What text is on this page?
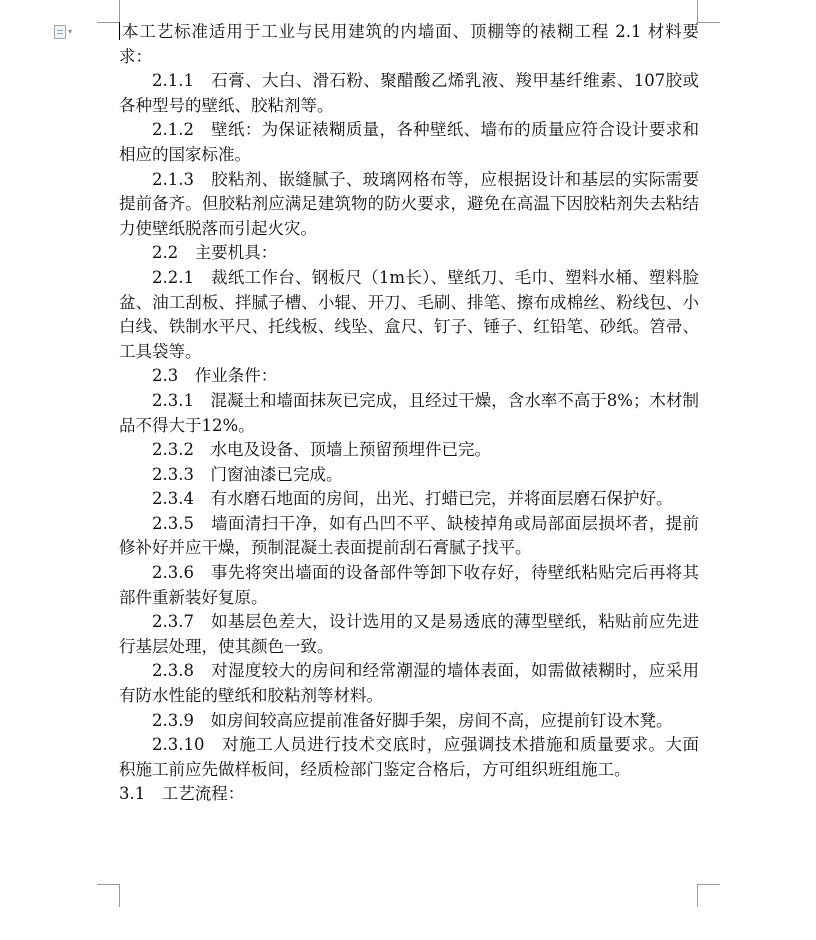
▾	本工艺标准适用于工业与民用建筑的内墙面、顶棚等的裱糊工程 2.1 材料要求：

2.1.1　石膏、大白、滑石粉、聚醋酸乙烯乳液、羧甲基纤维素、107胶或各种型号的壁纸、胶粘剂等。

2.1.2　壁纸：为保证裱糊质量，各种壁纸、墙布的质量应符合设计要求和相应的国家标准。

2.1.3　胶粘剂、嵌缝腻子、玻璃网格布等，应根据设计和基层的实际需要提前备齐。但胶粘剂应满足建筑物的防火要求，避免在高温下因胶粘剂失去粘结力使壁纸脱落而引起火灾。

2.2　主要机具：

2.2.1　裁纸工作台、钢板尺（1m长）、壁纸刀、毛巾、塑料水桶、塑料脸盆、油工刮板、拌腻子槽、小辊、开刀、毛刷、排笔、擦布成棉丝、粉线包、小白线、铁制水平尺、托线板、线坠、盒尺、钉子、锤子、红铅笔、砂纸。笤帚、工具袋等。

2.3　作业条件：

2.3.1　混凝土和墙面抹灰已完成，且经过干燥，含水率不高于8%；木材制品不得大于12%。

2.3.2　水电及设备、顶墙上预留预埋件已完。

2.3.3　门窗油漆已完成。

2.3.4　有水磨石地面的房间，出光、打蜡已完，并将面层磨石保护好。

2.3.5　墙面清扫干净，如有凸凹不平、缺棱掉角或局部面层损坏者，提前修补好并应干燥，预制混凝土表面提前刮石膏腻子找平。

2.3.6　事先将突出墙面的设备部件等卸下收存好，待壁纸粘贴完后再将其部件重新装好复原。

2.3.7　如基层色差大，设计选用的又是易透底的薄型壁纸，粘贴前应先进行基层处理，使其颜色一致。

2.3.8　对湿度较大的房间和经常潮湿的墙体表面，如需做裱糊时，应采用有防水性能的壁纸和胶粘剂等材料。

2.3.9　如房间较高应提前准备好脚手架，房间不高，应提前钉设木凳。

2.3.10　对施工人员进行技术交底时，应强调技术措施和质量要求。大面积施工前应先做样板间，经质检部门鉴定合格后，方可组织班组施工。

3.1　工艺流程：
